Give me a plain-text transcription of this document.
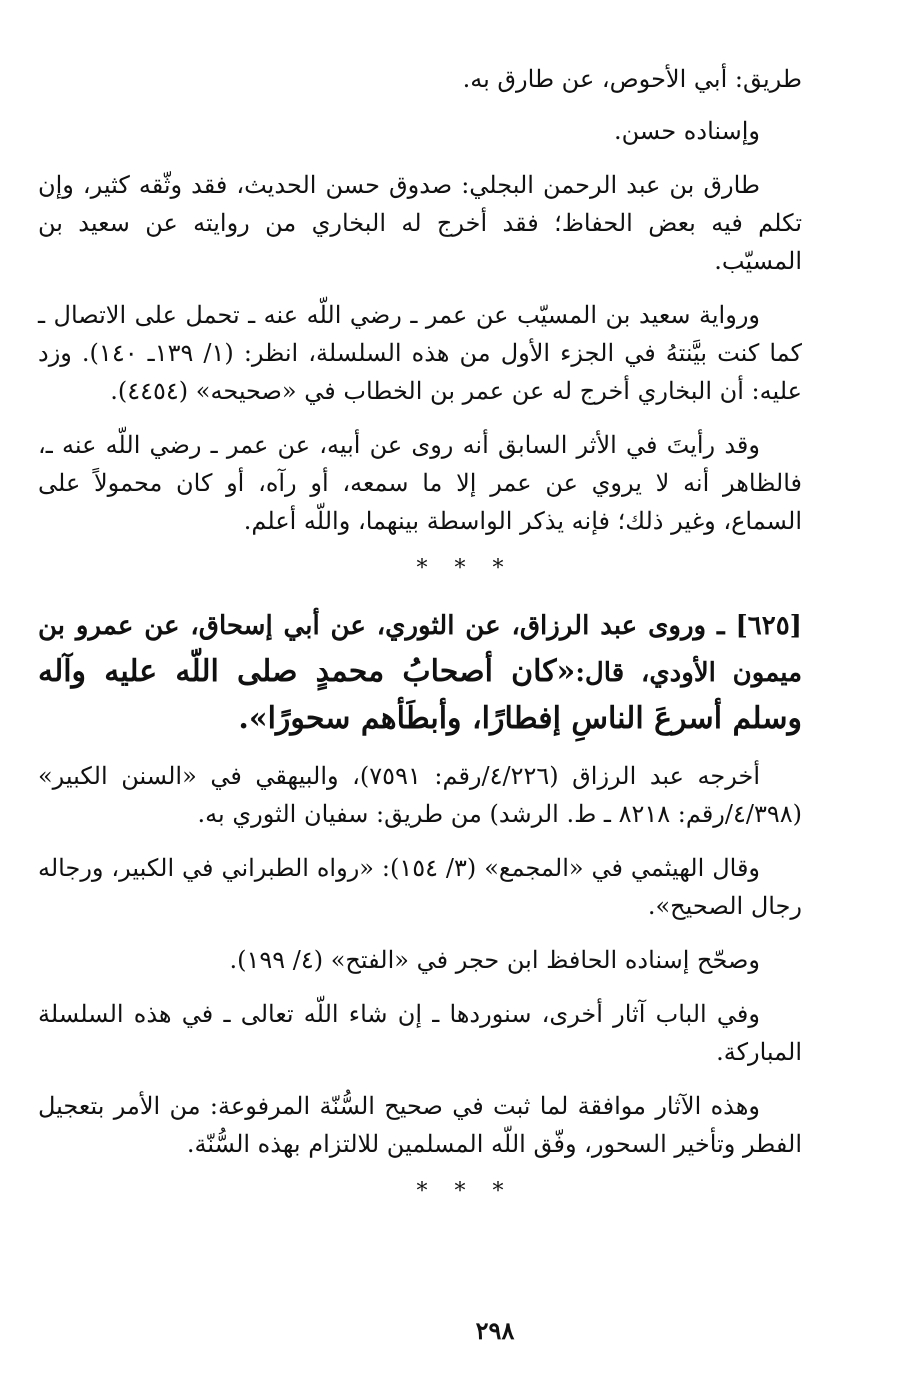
طريق: أبي الأحوص، عن طارق به.

وإسناده حسن.

طارق بن عبد الرحمن البجلي: صدوق حسن الحديث، فقد وثّقه كثير، وإن تكلم فيه بعض الحفاظ؛ فقد أخرج له البخاري من روايته عن سعيد بن المسيّب.

ورواية سعيد بن المسيّب عن عمر ـ رضي اللّه عنه ـ تحمل على الاتصال ـ كما كنت بيَّنتهُ في الجزء الأول من هذه السلسلة، انظر: (١/ ١٣٩ـ ١٤٠). وزد عليه: أن البخاري أخرج له عن عمر بن الخطاب في «صحيحه» (٤٤٥٤).

وقد رأيتَ في الأثر السابق أنه روى عن أبيه، عن عمر ـ رضي اللّه عنه ـ، فالظاهر أنه لا يروي عن عمر إلا ما سمعه، أو رآه، أو كان محمولاً على السماع، وغير ذلك؛ فإنه يذكر الواسطة بينهما، واللّه أعلم.

* * *

[٦٢٥] ـ وروى عبد الرزاق، عن الثوري، عن أبي إسحاق، عن عمرو بن ميمون الأودي، قال:«كان أصحابُ محمدٍ صلى اللّه عليه وآله وسلم أسرعَ الناسِ إفطارًا، وأبطَأهم سحورًا».

أخرجه عبد الرزاق (٤/٢٢٦/رقم: ٧٥٩١)، والبيهقي في «السنن الكبير» (٤/٣٩٨/رقم: ٨٢١٨ ـ ط. الرشد) من طريق: سفيان الثوري به.

وقال الهيثمي في «المجمع» (٣/ ١٥٤): «رواه الطبراني في الكبير، ورجاله رجال الصحيح».

وصحّح إسناده الحافظ ابن حجر في «الفتح» (٤/ ١٩٩).

وفي الباب آثار أخرى، سنوردها ـ إن شاء اللّه تعالى ـ في هذه السلسلة المباركة.

وهذه الآثار موافقة لما ثبت في صحيح السُّنّة المرفوعة: من الأمر بتعجيل الفطر وتأخير السحور، وفّق اللّه المسلمين للالتزام بهذه السُّنّة.

* * *
٢٩٨
